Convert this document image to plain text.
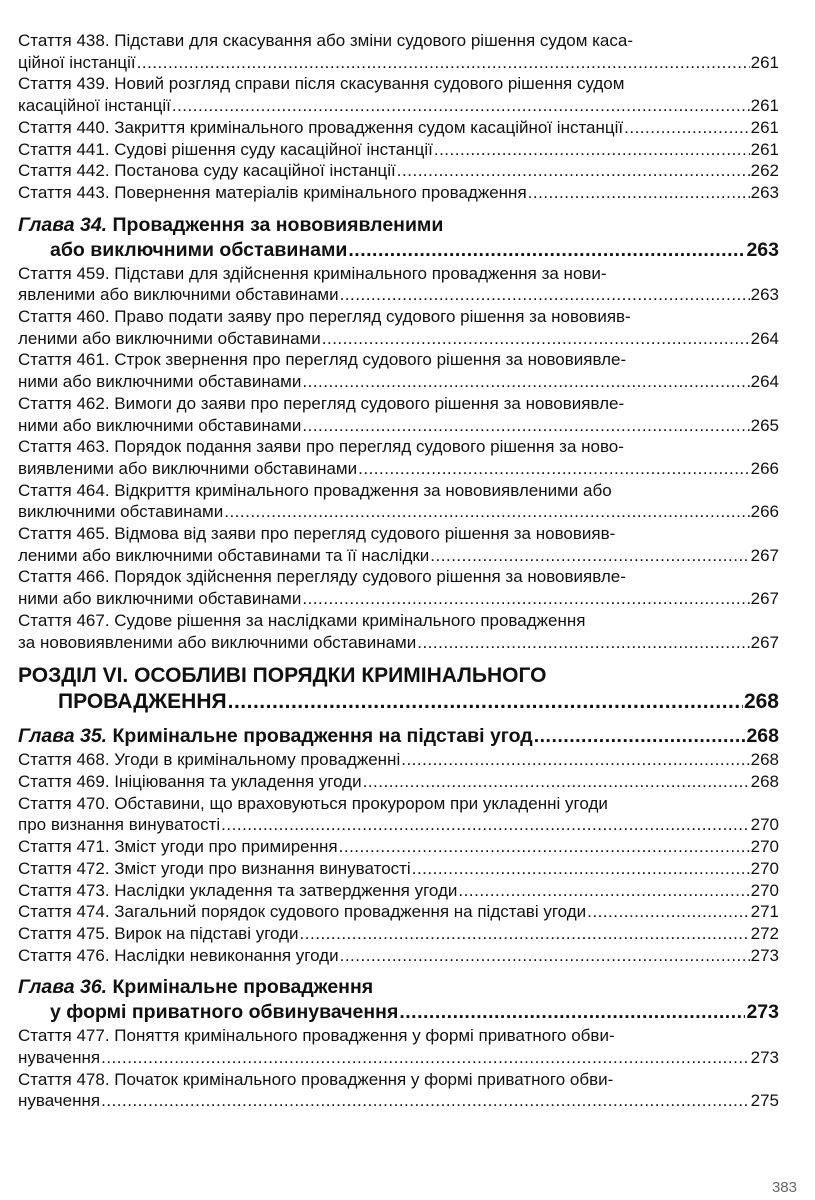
Стаття 438. Підстави для скасування або зміни судового рішення судом каса-
ційної інстанції .....	261
Стаття 439. Новий розгляд справи після скасування судового рішення судом
касаційної інстанції .....	261
Стаття 440. Закриття кримінального провадження судом касаційної інстанції .....	261
Стаття 441. Судові рішення суду касаційної інстанції .....	261
Стаття 442. Постанова суду касаційної інстанції .....	262
Стаття 443. Повернення матеріалів кримінального провадження .....	263
Глава 34. Провадження за нововиявленими
або виключними обставинами .....	263
Стаття 459. Підстави для здійснення кримінального провадження за нови-
явленими або виключними обставинами .....	263
Стаття 460. Право подати заяву про перегляд судового рішення за нововияв-
леними або виключними обставинами .....	264
Стаття 461. Строк звернення про перегляд судового рішення за нововиявле-
ними або виключними обставинами .....	264
Стаття 462. Вимоги до заяви про перегляд судового рішення за нововиявле-
ними або виключними обставинами .....	265
Стаття 463. Порядок подання заяви про перегляд судового рішення за ново-
виявленими або виключними обставинами .....	266
Стаття 464. Відкриття кримінального провадження за нововиявленими або
виключними обставинами .....	266
Стаття 465. Відмова від заяви про перегляд судового рішення за нововияв-
леними або виключними обставинами та її наслідки .....	267
Стаття 466. Порядок здійснення перегляду судового рішення за нововиявле-
ними або виключними обставинами .....	267
Стаття 467. Судове рішення за наслідками кримінального провадження
за нововиявленими або виключними обставинами .....	267
РОЗДІЛ VI. ОСОБЛИВІ ПОРЯДКИ КРИМІНАЛЬНОГО
ПРОВАДЖЕННЯ .....	268
Глава 35. Кримінальне провадження на підставі угод .....	268
Стаття 468. Угоди в кримінальному провадженні .....	268
Стаття 469. Ініціювання та укладення угоди .....	268
Стаття 470. Обставини, що враховуються прокурором при укладенні угоди
про визнання винуватості .....	270
Стаття 471. Зміст угоди про примирення .....	270
Стаття 472. Зміст угоди про визнання винуватості .....	270
Стаття 473. Наслідки укладення та затвердження угоди .....	270
Стаття 474. Загальний порядок судового провадження на підставі угоди .....	271
Стаття 475. Вирок на підставі угоди .....	272
Стаття 476. Наслідки невиконання угоди .....	273
Глава 36. Кримінальне провадження
у формі приватного обвинувачення .....	273
Стаття 477. Поняття кримінального провадження у формі приватного обви-
нувачення .....	273
Стаття 478. Початок кримінального провадження у формі приватного обви-
нувачення .....	275
383
